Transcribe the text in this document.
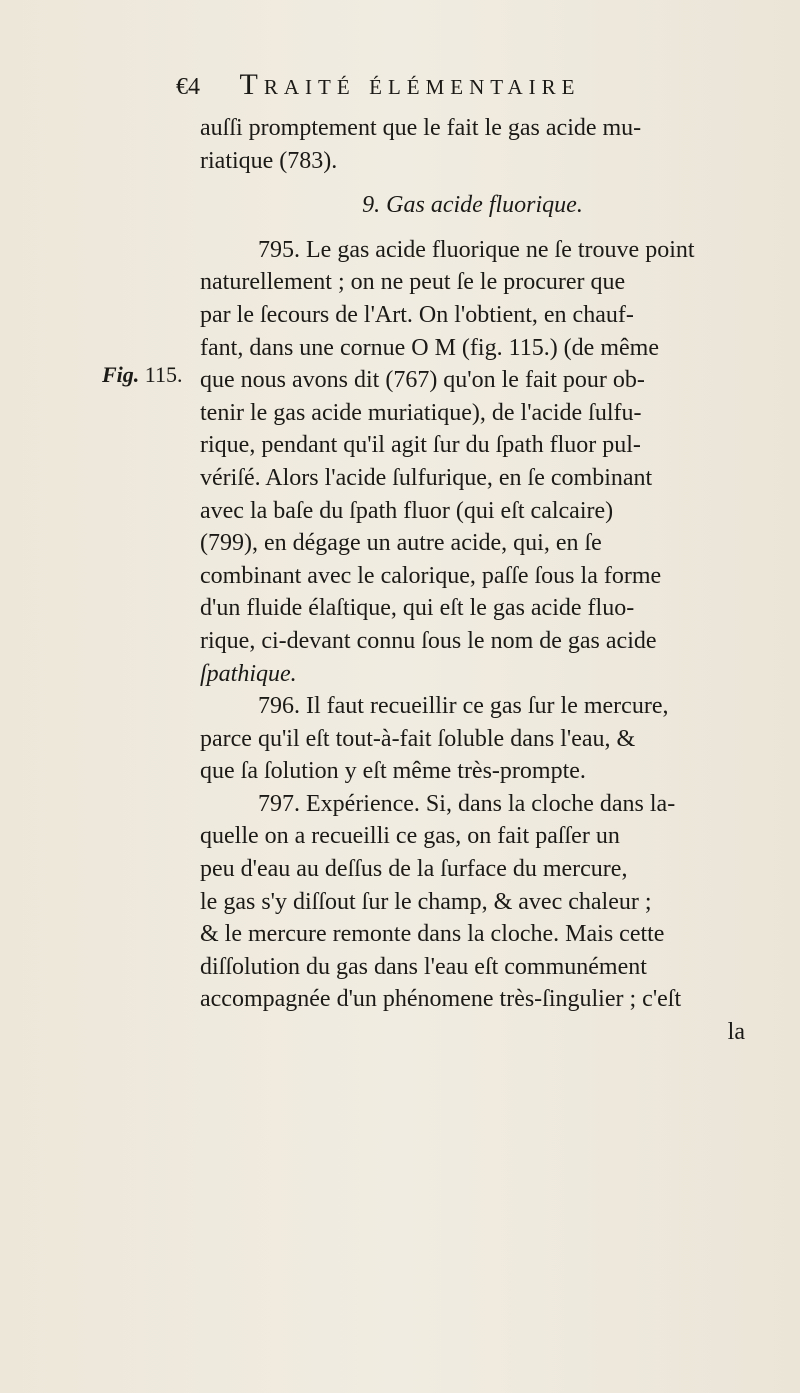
€4 Traité élémentaire
Fig. 115.
auſſi promptement que le fait le gas acide mu-
riatique (783).
9. Gas acide fluorique.
795. Le gas acide fluorique ne ſe trouve point
naturellement ; on ne peut ſe le procurer que
par le ſecours de l'Art. On l'obtient, en chauf-
fant, dans une cornue O M (fig. 115.) (de même
que nous avons dit (767) qu'on le fait pour ob-
tenir le gas acide muriatique), de l'acide ſulfu-
rique, pendant qu'il agit ſur du ſpath fluor pul-
vériſé. Alors l'acide ſulfurique, en ſe combinant
avec la baſe du ſpath fluor (qui eſt calcaire)
(799), en dégage un autre acide, qui, en ſe
combinant avec le calorique, paſſe ſous la forme
d'un fluide élaſtique, qui eſt le gas acide fluo-
rique, ci-devant connu ſous le nom de gas acide
ſpathique.
796. Il faut recueillir ce gas ſur le mercure,
parce qu'il eſt tout-à-fait ſoluble dans l'eau, &
que ſa ſolution y eſt même très-prompte.
797. Expérience. Si, dans la cloche dans la-
quelle on a recueilli ce gas, on fait paſſer un
peu d'eau au deſſus de la ſurface du mercure,
le gas s'y diſſout ſur le champ, & avec chaleur ;
& le mercure remonte dans la cloche. Mais cette
diſſolution du gas dans l'eau eſt communément
accompagnée d'un phénomene très-ſingulier ; c'eſt
la
